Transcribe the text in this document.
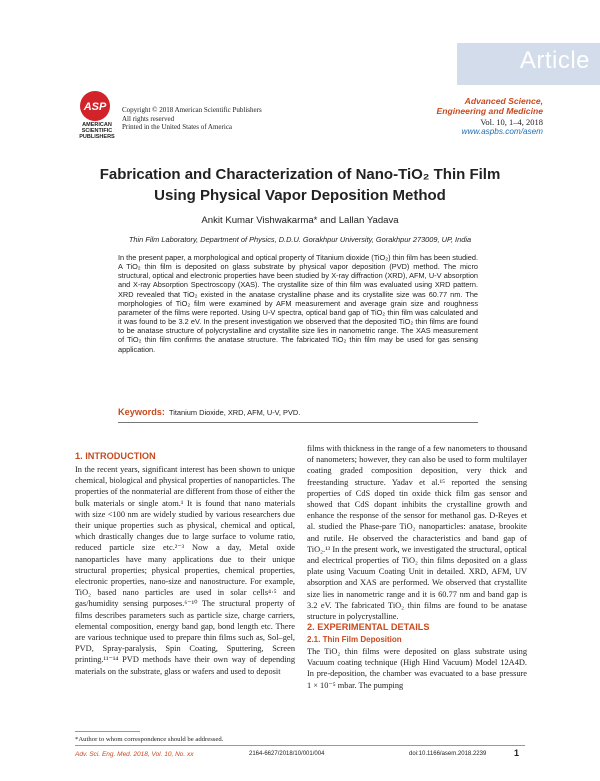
Article
ASP
AMERICAN
SCIENTIFIC
PUBLISHERS
Copyright © 2018 American Scientific Publishers
All rights reserved
Printed in the United States of America
Advanced Science,
Engineering and Medicine
Vol. 10, 1–4, 2018
www.aspbs.com/asem
Fabrication and Characterization of Nano-TiO₂ Thin Film
Using Physical Vapor Deposition Method
Ankit Kumar Vishwakarma* and Lallan Yadava
Thin Film Laboratory, Department of Physics, D.D.U. Gorakhpur University, Gorakhpur 273009, UP, India
In the present paper, a morphological and optical property of Titanium dioxide (TiO₂) thin film has been studied. A TiO₂ thin film is deposited on glass substrate by physical vapor deposition (PVD) method. The micro structural, optical and electronic properties have been studied by X-ray diffraction (XRD), AFM, U-V absorption and X-ray Absorption Spectroscopy (XAS). The crystallite size of thin film was evaluated using XRD pattern. XRD revealed that TiO₂ existed in the anatase crystalline phase and its crystallite size was 60.77 nm. The morphologies of TiO₂ film were examined by AFM measurement and average grain size and roughness parameter of the films were reported. Using U-V spectra, optical band gap of TiO₂ thin film was calculated and it was found to be 3.2 eV. In the present investigation we observed that the deposited TiO₂ thin films are found to be anatase structure of polycrystalline and crystallite size lies in nanometric range. The XAS measurement of TiO₂ thin film confirms the anatase structure. The fabricated TiO₂ thin film may be used for gas sensing application.
Keywords: Titanium Dioxide, XRD, AFM, U-V, PVD.
1. INTRODUCTION
In the recent years, significant interest has been shown to unique chemical, biological and physical properties of nanoparticles. The properties of the nonmaterial are different from those of either the bulk materials or single atom.¹ It is found that nano materials with size <100 nm are widely studied by various researchers due their unique properties such as physical, chemical and optical, which drastically changes due to large surface to volume ratio, reduced particle size etc.²⁻³ Now a day, Metal oxide nanoparticles have many applications due to their unique structural properties; physical properties, chemical properties, electronic properties, nano-size and nanostructure. For example, TiO₂ based nano particles are used in solar cells⁴·⁵ and gas/humidity sensing purposes.⁶⁻¹⁰ The structural property of films describes parameters such as particle size, charge carriers, elemental composition, energy band gap, bond length etc. There are various technique used to prepare thin films such as, Sol–gel, PVD, Spray-paralysis, Spin Coating, Sputtering, Screen printing.¹¹⁻¹⁴ PVD methods have their own way of depending materials on the substrate, glass or wafers and used to deposit
*Author to whom correspondence should be addressed.
films with thickness in the range of a few nanometers to thousand of nanometers; however, they can also be used to form multilayer coating graded composition deposition, very thick and freestanding structure. Yadav et al.¹⁵ reported the sensing properties of CdS doped tin oxide thick film gas sensor and showed that CdS dopant inhibits the crystalline growth and enhance the response of the sensor for methanol gas. D-Reyes et al. studied the Phase-pare TiO₂ nanoparticles: anatase, brookite and rutile. He observed the characteristics and band gap of TiO₂.¹³ In the present work, we investigated the structural, optical and electrical properties of TiO₂ thin films deposited on a glass plate using Vacuum Coating Unit in detailed. XRD, AFM, UV absorption and XAS are performed. We observed that crystallite size lies in nanometric range and it is 60.77 nm and band gap is 3.2 eV. The fabricated TiO₂ thin films are found to be anatase structure in polycrystalline.
2. EXPERIMENTAL DETAILS
2.1. Thin Film Deposition
The TiO₂ thin films were deposited on glass substrate using Vacuum coating technique (High Hind Vacuum) Model 12A4D. In pre-deposition, the chamber was evacuated to a base pressure 1 × 10⁻⁵ mbar. The pumping
Adv. Sci. Eng. Med. 2018, Vol. 10, No. xx	2164-6627/2018/10/001/004	doi:10.1166/asem.2018.2239	1
